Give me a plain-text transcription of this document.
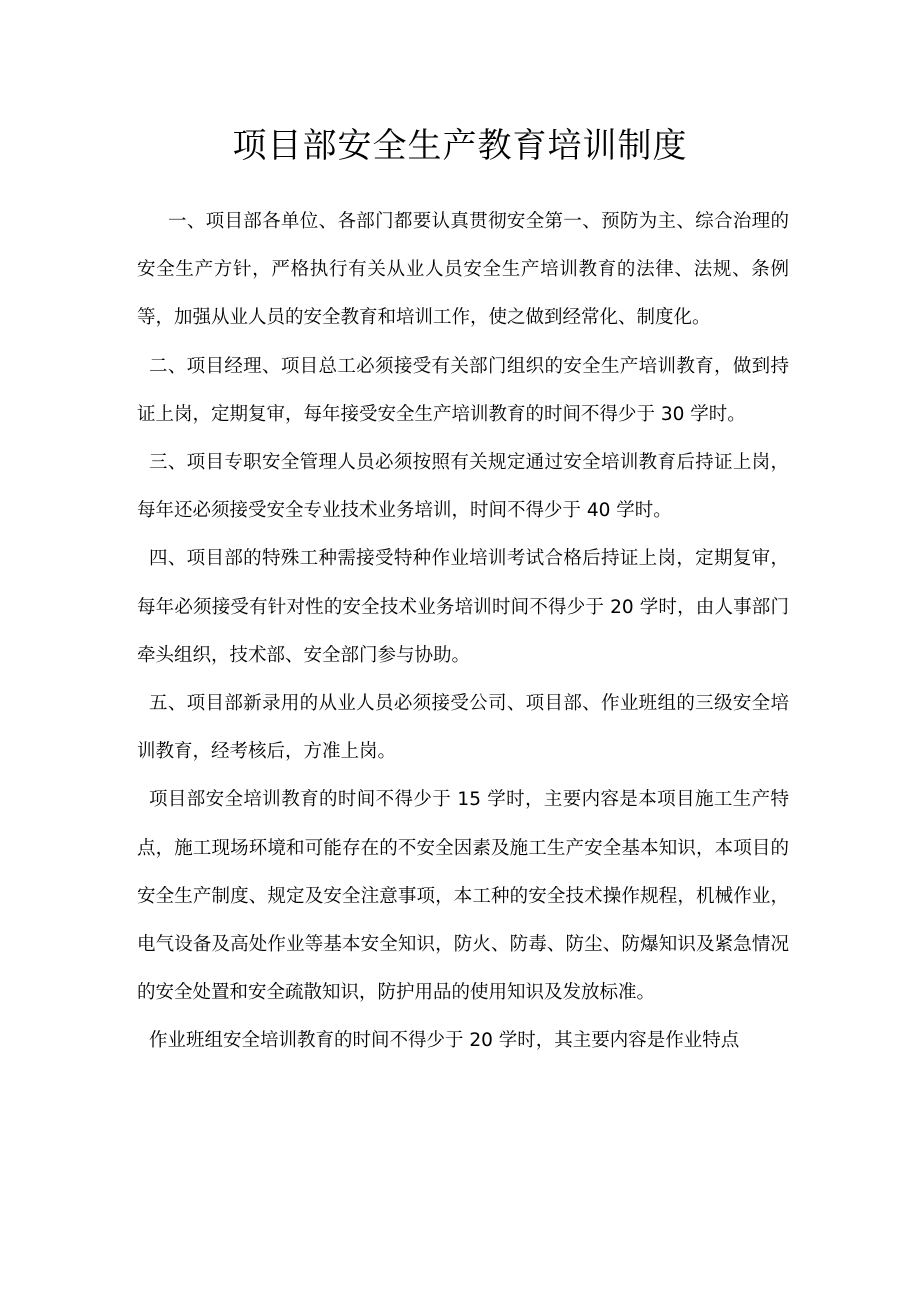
项目部安全生产教育培训制度

一、项目部各单位、各部门都要认真贯彻安全第一、预防为主、综合治理的安全生产方针，严格执行有关从业人员安全生产培训教育的法律、法规、条例等，加强从业人员的安全教育和培训工作，使之做到经常化、制度化。

二、项目经理、项目总工必须接受有关部门组织的安全生产培训教育，做到持证上岗，定期复审，每年接受安全生产培训教育的时间不得少于 30 学时。

三、项目专职安全管理人员必须按照有关规定通过安全培训教育后持证上岗，每年还必须接受安全专业技术业务培训，时间不得少于 40 学时。

四、项目部的特殊工种需接受特种作业培训考试合格后持证上岗，定期复审，每年必须接受有针对性的安全技术业务培训时间不得少于 20 学时，由人事部门牵头组织，技术部、安全部门参与协助。

五、项目部新录用的从业人员必须接受公司、项目部、作业班组的三级安全培训教育，经考核后，方准上岗。

项目部安全培训教育的时间不得少于 15 学时，主要内容是本项目施工生产特点，施工现场环境和可能存在的不安全因素及施工生产安全基本知识，本项目的安全生产制度、规定及安全注意事项，本工种的安全技术操作规程，机械作业，电气设备及高处作业等基本安全知识，防火、防毒、防尘、防爆知识及紧急情况的安全处置和安全疏散知识，防护用品的使用知识及发放标准。

作业班组安全培训教育的时间不得少于 20 学时，其主要内容是作业特点
